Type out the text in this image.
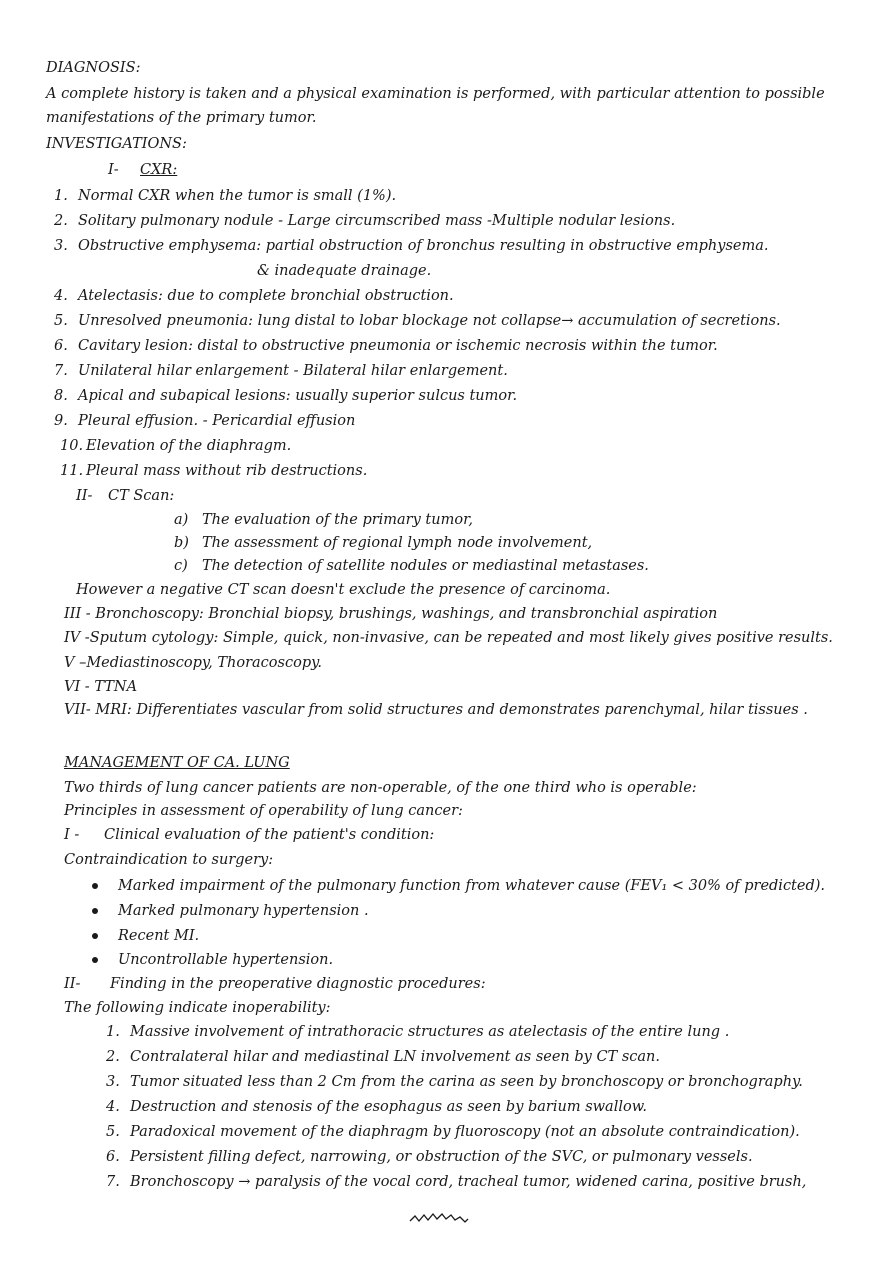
DIAGNOSIS:
A complete history is taken and a physical examination is performed, with particular attention to possible
manifestations of the primary tumor.
INVESTIGATIONS:
I- CXR:
1. Normal CXR when the tumor is small (1%).
2. Solitary pulmonary nodule - Large circumscribed mass -Multiple nodular lesions.
3. Obstructive emphysema: partial obstruction of bronchus resulting in obstructive emphysema.
& inadequate drainage.
4. Atelectasis: due to complete bronchial obstruction.
5. Unresolved pneumonia: lung distal to lobar blockage not collapse→ accumulation of secretions.
6. Cavitary lesion: distal to obstructive pneumonia or ischemic necrosis within the tumor.
7. Unilateral hilar enlargement - Bilateral hilar enlargement.
8. Apical and subapical lesions: usually superior sulcus tumor.
9. Pleural effusion. - Pericardial effusion
10. Elevation of the diaphragm.
11. Pleural mass without rib destructions.
II- CT Scan:
a) The evaluation of the primary tumor,
b) The assessment of regional lymph node involvement,
c) The detection of satellite nodules or mediastinal metastases.
However a negative CT scan doesn't exclude the presence of carcinoma.
III - Bronchoscopy: Bronchial biopsy, brushings, washings, and transbronchial aspiration
IV -Sputum cytology: Simple, quick, non-invasive, can be repeated and most likely gives positive results.
V –Mediastinoscopy, Thoracoscopy.
VI - TTNA
VII- MRI: Differentiates vascular from solid structures and demonstrates parenchymal, hilar tissues .
MANAGEMENT OF CA. LUNG
Two thirds of lung cancer patients are non-operable, of the one third who is operable:
Principles in assessment of operability of lung cancer:
I - Clinical evaluation of the patient's condition:
Contraindication to surgery:
Marked impairment of the pulmonary function from whatever cause (FEV₁ < 30% of predicted).
Marked pulmonary hypertension .
Recent MI.
Uncontrollable hypertension.
II- Finding in the preoperative diagnostic procedures:
The following indicate inoperability:
1. Massive involvement of intrathoracic structures as atelectasis of the entire lung .
2. Contralateral hilar and mediastinal LN involvement as seen by CT scan.
3. Tumor situated less than 2 Cm from the carina as seen by bronchoscopy or bronchography.
4. Destruction and stenosis of the esophagus as seen by barium swallow.
5. Paradoxical movement of the diaphragm by fluoroscopy (not an absolute contraindication).
6. Persistent filling defect, narrowing, or obstruction of the SVC, or pulmonary vessels.
7. Bronchoscopy → paralysis of the vocal cord, tracheal tumor, widened carina, positive brush,
